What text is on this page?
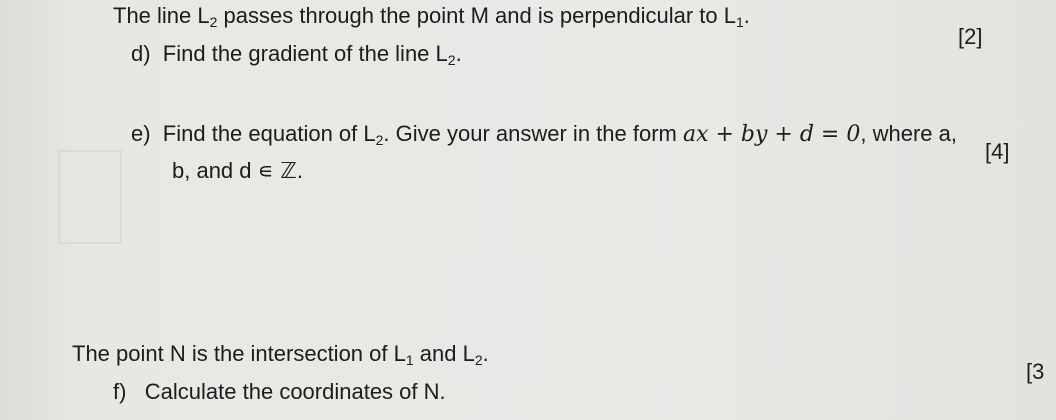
The line $L_2$ passes through the point M and is perpendicular to $L_1$.
d) Find the gradient of the line $L_2$.
[2]
e) Find the equation of $L_2$. Give your answer in the form ax + by + d = 0, where a,
b, and d ∊ ℤ.
[4]
The point N is the intersection of $L_1$ and $L_2$.
f) Calculate the coordinates of N.
[3
